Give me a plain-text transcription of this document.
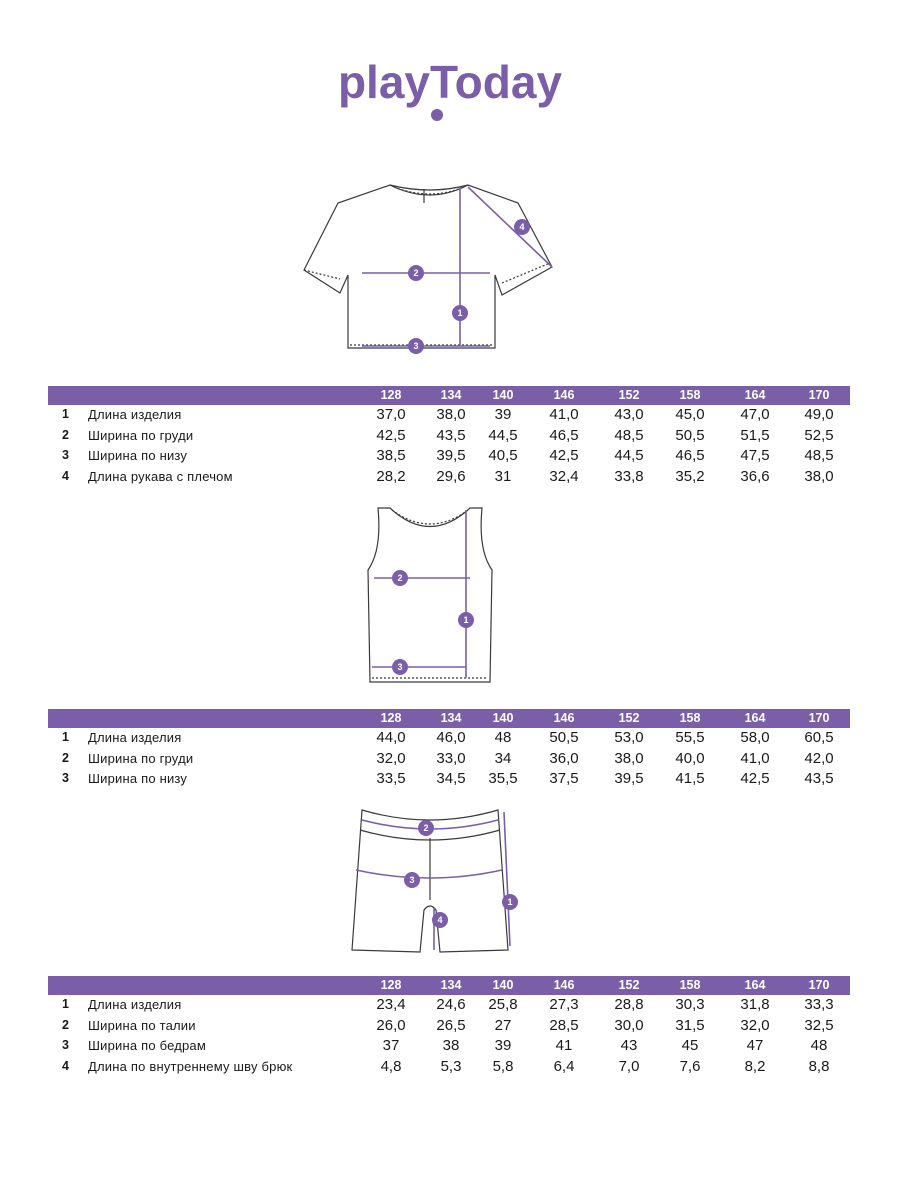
playToday
1
2
3
4
1
2
3
1
2
3
4
128	134	140	146	152	158	164	170
1 Длина изделия	37,0	38,0	39	41,0	43,0	45,0	47,0	49,0
2 Ширина по груди	42,5	43,5	44,5	46,5	48,5	50,5	51,5	52,5
3 Ширина по низу	38,5	39,5	40,5	42,5	44,5	46,5	47,5	48,5
4 Длина рукава с плечом	28,2	29,6	31	32,4	33,8	35,2	36,6	38,0
128	134	140	146	152	158	164	170
1 Длина изделия	44,0	46,0	48	50,5	53,0	55,5	58,0	60,5
2 Ширина по груди	32,0	33,0	34	36,0	38,0	40,0	41,0	42,0
3 Ширина по низу	33,5	34,5	35,5	37,5	39,5	41,5	42,5	43,5
128	134	140	146	152	158	164	170
1 Длина изделия	23,4	24,6	25,8	27,3	28,8	30,3	31,8	33,3
2 Ширина по талии	26,0	26,5	27	28,5	30,0	31,5	32,0	32,5
3 Ширина по бедрам	37	38	39	41	43	45	47	48
4 Длина по внутреннему шву брюк	4,8	5,3	5,8	6,4	7,0	7,6	8,2	8,8
